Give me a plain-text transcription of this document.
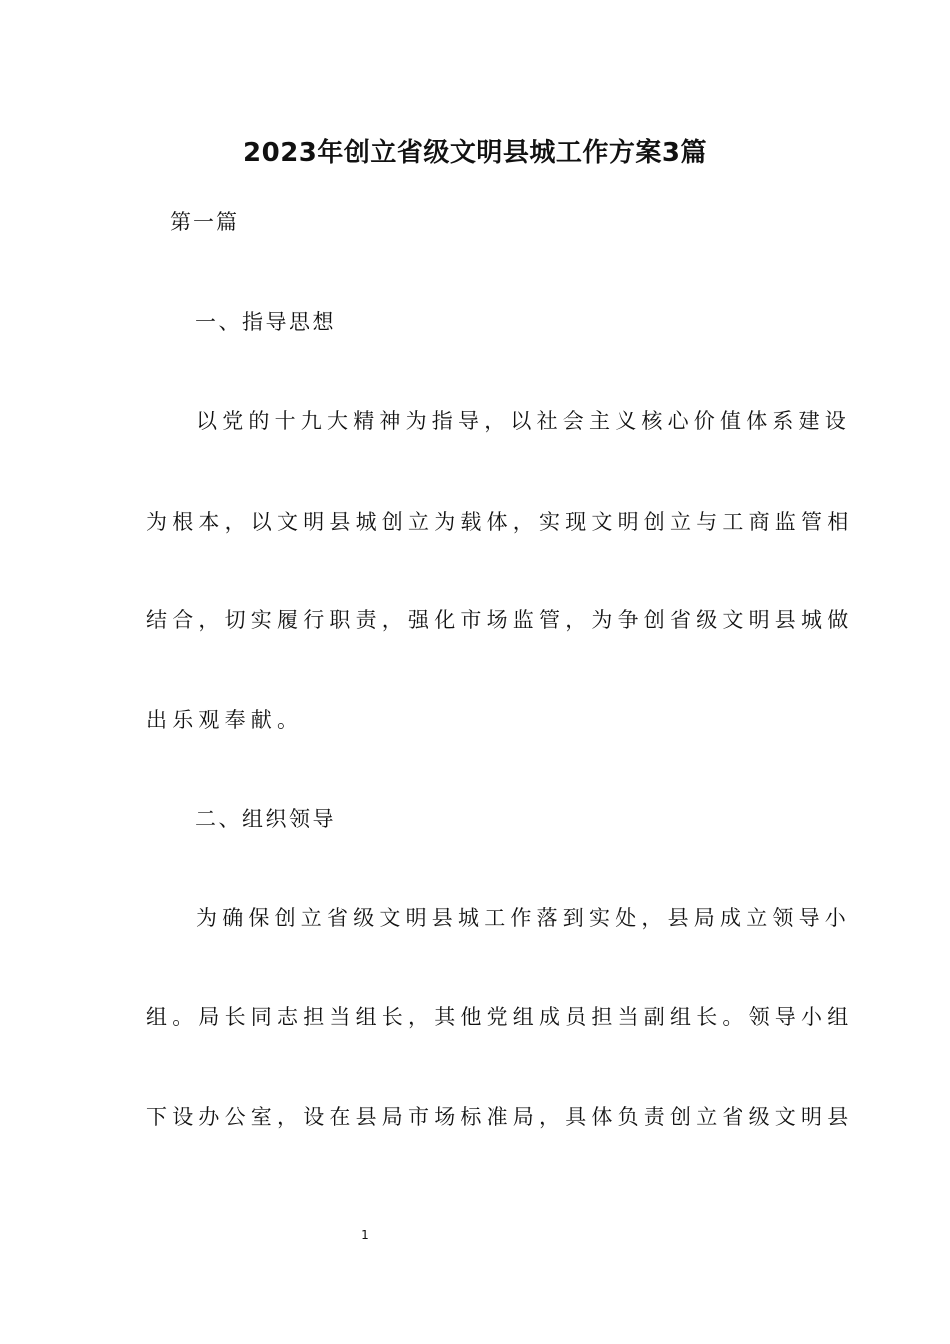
2023年创立省级文明县城工作方案3篇
第一篇
一、指导思想
以党的十九大精神为指导，以社会主义核心价值体系建设
为根本，以文明县城创立为载体，实现文明创立与工商监管相
结合，切实履行职责，强化市场监管，为争创省级文明县城做
出乐观奉献。
二、组织领导
为确保创立省级文明县城工作落到实处，县局成立领导小
组。局长同志担当组长，其他党组成员担当副组长。领导小组
下设办公室，设在县局市场标准局，具体负责创立省级文明县
1
